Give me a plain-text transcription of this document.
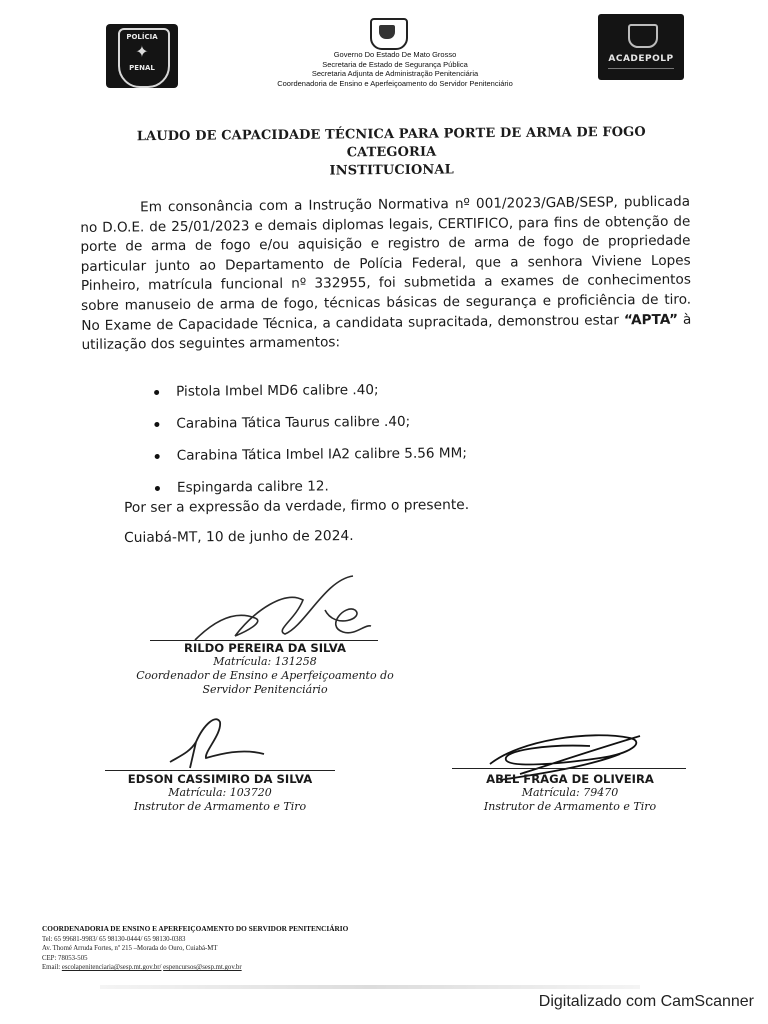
POLÍCIA
✦
PENAL
Governo Do Estado De Mato Grosso
Secretaria de Estado de Segurança Pública
Secretaria Adjunta de Administração Penitenciária
Coordenadoria de Ensino e Aperfeiçoamento do Servidor Penitenciário
ACADEPOLP
LAUDO DE CAPACIDADE TÉCNICA PARA PORTE DE ARMA DE FOGO CATEGORIA
INSTITUCIONAL

Em consonância com a Instrução Normativa nº 001/2023/GAB/SESP, publicada no D.O.E. de 25/01/2023 e demais diplomas legais, CERTIFICO, para fins de obtenção de porte de arma de fogo e/ou aquisição e registro de arma de fogo de propriedade particular junto ao Departamento de Polícia Federal, que a senhora Viviene Lopes Pinheiro, matrícula funcional nº 332955, foi submetida a exames de conhecimentos sobre manuseio de arma de fogo, técnicas básicas de segurança e proficiência de tiro. No Exame de Capacidade Técnica, a candidata supracitada, demonstrou estar “APTA” à utilização dos seguintes armamentos:

Pistola Imbel MD6 calibre .40;
Carabina Tática Taurus calibre .40;
Carabina Tática Imbel IA2 calibre 5.56 MM;
Espingarda calibre 12.
Por ser a expressão da verdade, firmo o presente.
Cuiabá-MT, 10 de junho de 2024.
RILDO PEREIRA DA SILVA
Matrícula: 131258
Coordenador de Ensino e Aperfeiçoamento do
Servidor Penitenciário
EDSON CASSIMIRO DA SILVA
Matrícula: 103720
Instrutor de Armamento e Tiro
ABEL FRAGA DE OLIVEIRA
Matrícula: 79470
Instrutor de Armamento e Tiro
COORDENADORIA DE ENSINO E APERFEIÇOAMENTO DO SERVIDOR PENITENCIÁRIO
Tel: 65 99681-9983/ 65 98130-0444/ 65 98130-0383
Av. Thomé Arruda Fortes, nº 215 –Morada do Ouro, Cuiabá-MT
CEP: 78053-505
Email: escolapenitenciaria@sesp.mt.gov.br/ espencursos@sesp.mt.gov.br
Digitalizado com CamScanner
